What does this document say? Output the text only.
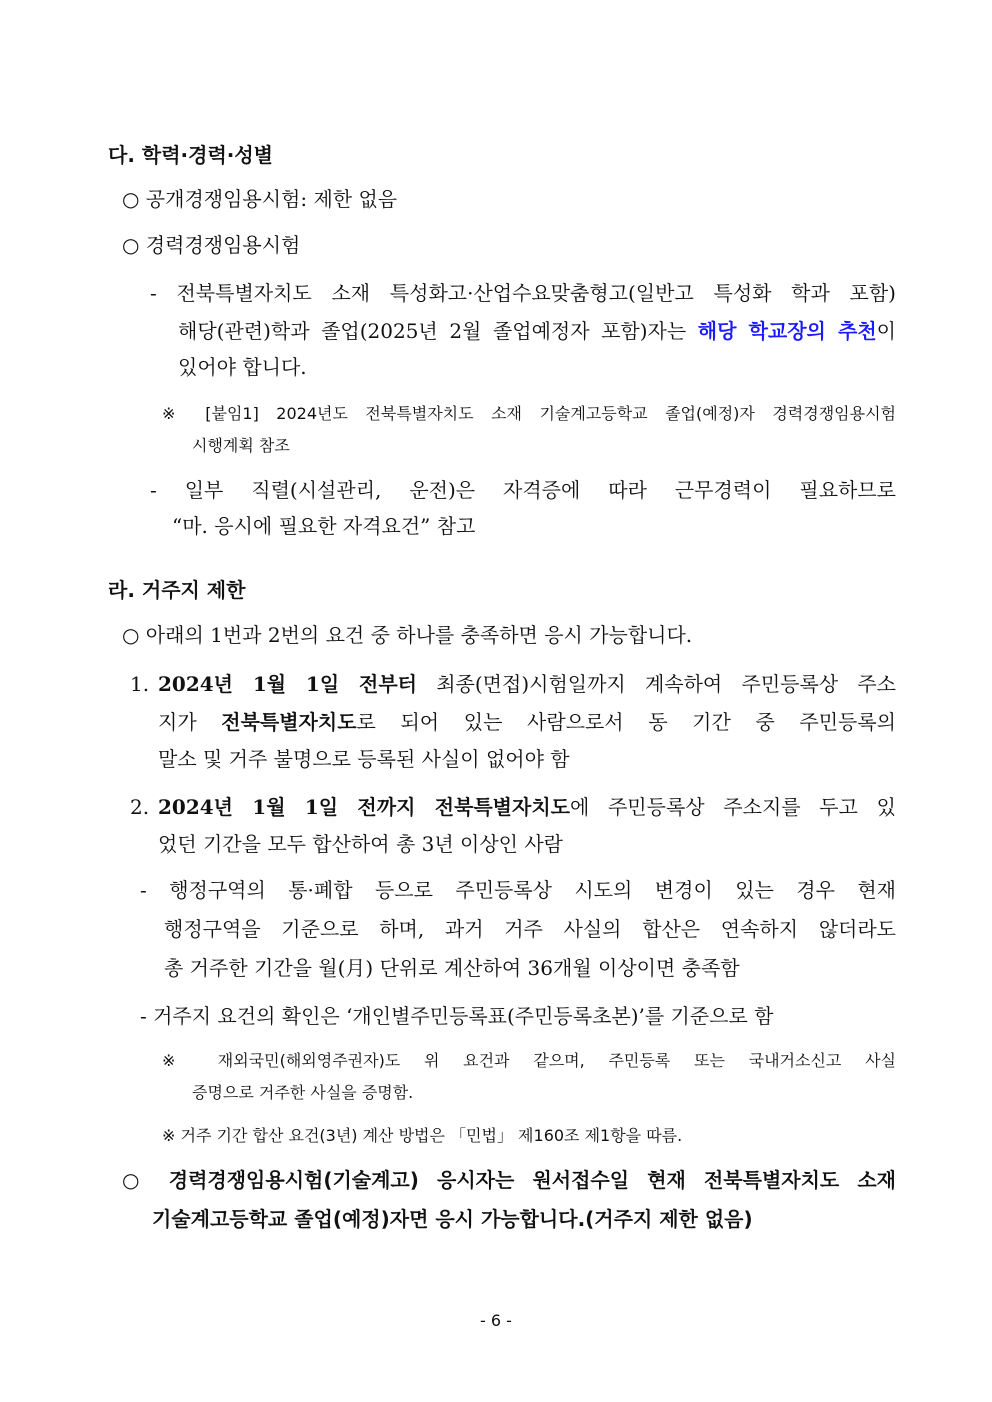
다. 학력·경력·성별
○ 공개경쟁임용시험: 제한 없음
○ 경력경쟁임용시험
- 전북특별자치도 소재 특성화고·산업수요맞춤형고(일반고 특성화 학과 포함)
해당(관련)학과 졸업(2025년 2월 졸업예정자 포함)자는 해당 학교장의 추천이
있어야 합니다.
※ [붙임1] 2024년도 전북특별자치도 소재 기술계고등학교 졸업(예정)자 경력경쟁임용시험
시행계획 참조
- 일부 직렬(시설관리, 운전)은 자격증에 따라 근무경력이 필요하므로
“마. 응시에 필요한 자격요건” 참고
라. 거주지 제한
○ 아래의 1번과 2번의 요건 중 하나를 충족하면 응시 가능합니다.
1. 2024년 1월 1일 전부터 최종(면접)시험일까지 계속하여 주민등록상 주소
지가 전북특별자치도로 되어 있는 사람으로서 동 기간 중 주민등록의
말소 및 거주 불명으로 등록된 사실이 없어야 함
2. 2024년 1월 1일 전까지 전북특별자치도에 주민등록상 주소지를 두고 있
었던 기간을 모두 합산하여 총 3년 이상인 사람
- 행정구역의 통·폐합 등으로 주민등록상 시도의 변경이 있는 경우 현재
행정구역을 기준으로 하며, 과거 거주 사실의 합산은 연속하지 않더라도
총 거주한 기간을 월(月) 단위로 계산하여 36개월 이상이면 충족함
- 거주지 요건의 확인은 ‘개인별주민등록표(주민등록초본)’를 기준으로 함
※ 재외국민(해외영주권자)도 위 요건과 같으며, 주민등록 또는 국내거소신고 사실
증명으로 거주한 사실을 증명함.
※ 거주 기간 합산 요건(3년) 계산 방법은 「민법」 제160조 제1항을 따름.
○ 경력경쟁임용시험(기술계고) 응시자는 원서접수일 현재 전북특별자치도 소재
기술계고등학교 졸업(예정)자면 응시 가능합니다.(거주지 제한 없음)
- 6 -
